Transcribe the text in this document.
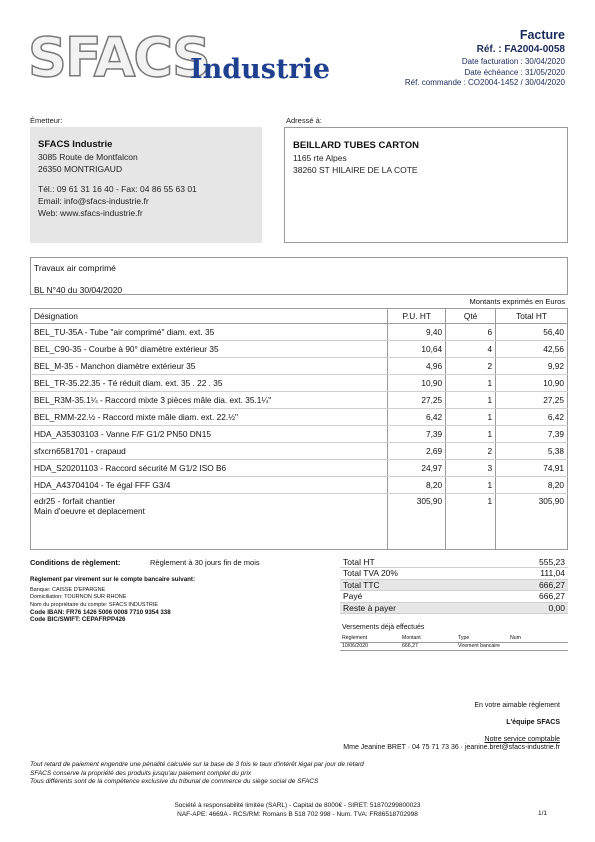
SFACS
Industrie
Facture
Réf. : FA2004-0058
Date facturation : 30/04/2020
Date échéance : 31/05/2020
Réf. commande : CO2004-1452 / 30/04/2020
Émetteur:	Adressé à:
SFACS Industrie
3085 Route de Montfalcon
26350 MONTRIGAUD
Tél.: 09 61 31 16 40 - Fax: 04 86 55 63 01
Email: info@sfacs-industrie.fr
Web: www.sfacs-industrie.fr
BEILLARD TUBES CARTON
1165 rte Alpes
38260 ST HILAIRE DE LA COTE
Travaux air comprimé
BL N°40 du 30/04/2020
Montants exprimés en Euros
Désignation	P.U. HT	Qté	Total HT
BEL_TU-35A - Tube "air comprimé" diam. ext. 35	9,40	6	56,40
BEL_C90-35 - Courbe à 90° diamètre extérieur 35	10,64	4	42,56
BEL_M-35 - Manchon diamètre extérieur 35	4,96	2	9,92
BEL_TR-35.22.35 - Té réduit diam. ext. 35 . 22 . 35	10,90	1	10,90
BEL_R3M-35.1¼ - Raccord mixte 3 pièces mâle dia. ext. 35.1¼"	27,25	1	27,25
BEL_RMM-22.½ - Raccord mixte mâle diam. ext. 22.½"	6,42	1	6,42
HDA_A35303103 - Vanne F/F G1/2 PN50 DN15	7,39	1	7,39
sfxcrn6581701 - crapaud	2,69	2	5,38
HDA_S20201103 - Raccord sécurité M G1/2 ISO B6	24,97	3	74,91
HDA_A43704104 - Te égal FFF G3/4	8,20	1	8,20

edr25 - forfait chantier
Main d'oeuvre et deplacement	305,90	1	305,90
Conditions de règlement:	Règlement à 30 jours fin de mois
Règlement par virement sur le compte bancaire suivant:
Banque: CAISSE D'EPARGNE
Domiciliation: TOURNON SUR RHONE
Nom du propriétaire du compte: SFACS INDUSTRIE
Code IBAN: FR76 1426 5006 0008 7710 9354 338
Code BIC/SWIFT: CEPAFRPP426
Total HT	555,23
Total TVA 20%	111,04
Total TTC	666,27
Payé	666,27
Reste à payer	0,00
Versements déjà effectués
Règlement	Montant	Type	Num
10/06/2020	666,27	Virement bancaire	
En votre aimable règlement
L'équipe SFACS
Notre service comptable
Mme Jeanine BRET · 04 75 71 73 36 · jeanine.bret@sfacs-industrie.fr
Tout retard de paiement engendre une pénalité calculée sur la base de 3 fois le taux d'intérêt légal par jour de retard
SFACS conserve la propriété des produits jusqu'au paiement complet du prix
Tous différents sont de la compétence exclusive du tribunal de commerce du siège social de SFACS
Société à responsabilité limitée (SARL) - Capital de 8000€ - SIRET: 51870299800023
NAF-APE: 4669A - RCS/RM: Romans B 518 702 998 - Num. TVA: FR86518702998	1/1
